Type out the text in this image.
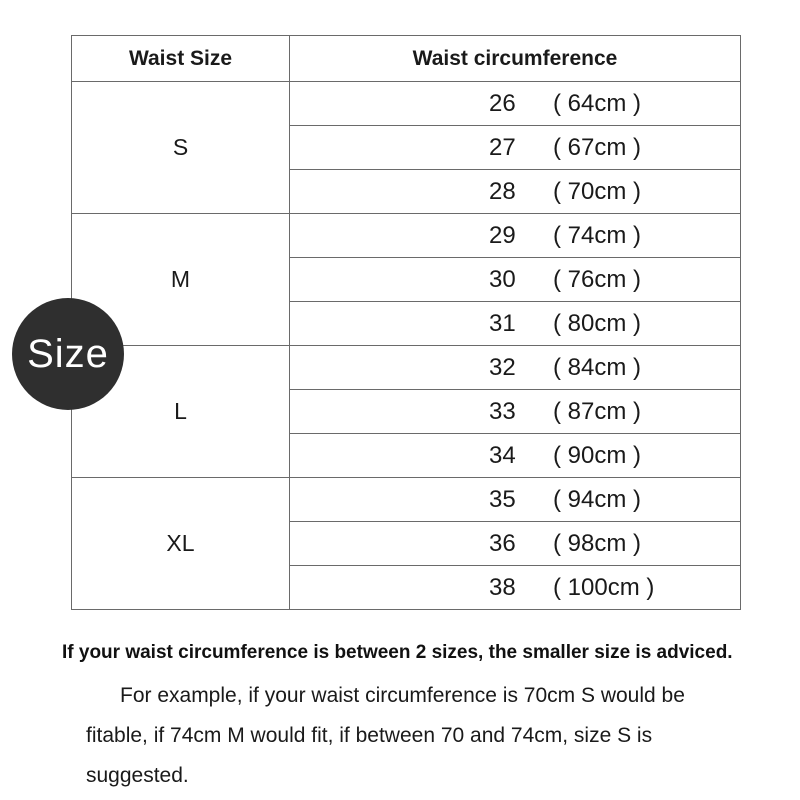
Waist Size	Waist circumference
S	26 ( 64cm )
	27 ( 67cm )
	28 ( 70cm )
M	29 ( 74cm )
	30 ( 76cm )
	31 ( 80cm )
L	32 ( 84cm )
	33 ( 87cm )
	34 ( 90cm )
XL	35 ( 94cm )
	36 ( 98cm )
	38 ( 100cm )
Size
If your waist circumference is between 2 sizes, the smaller size is adviced.
For example, if your waist circumference is 70cm S would be fitable, if 74cm M would fit, if between 70 and 74cm, size S is suggested.
